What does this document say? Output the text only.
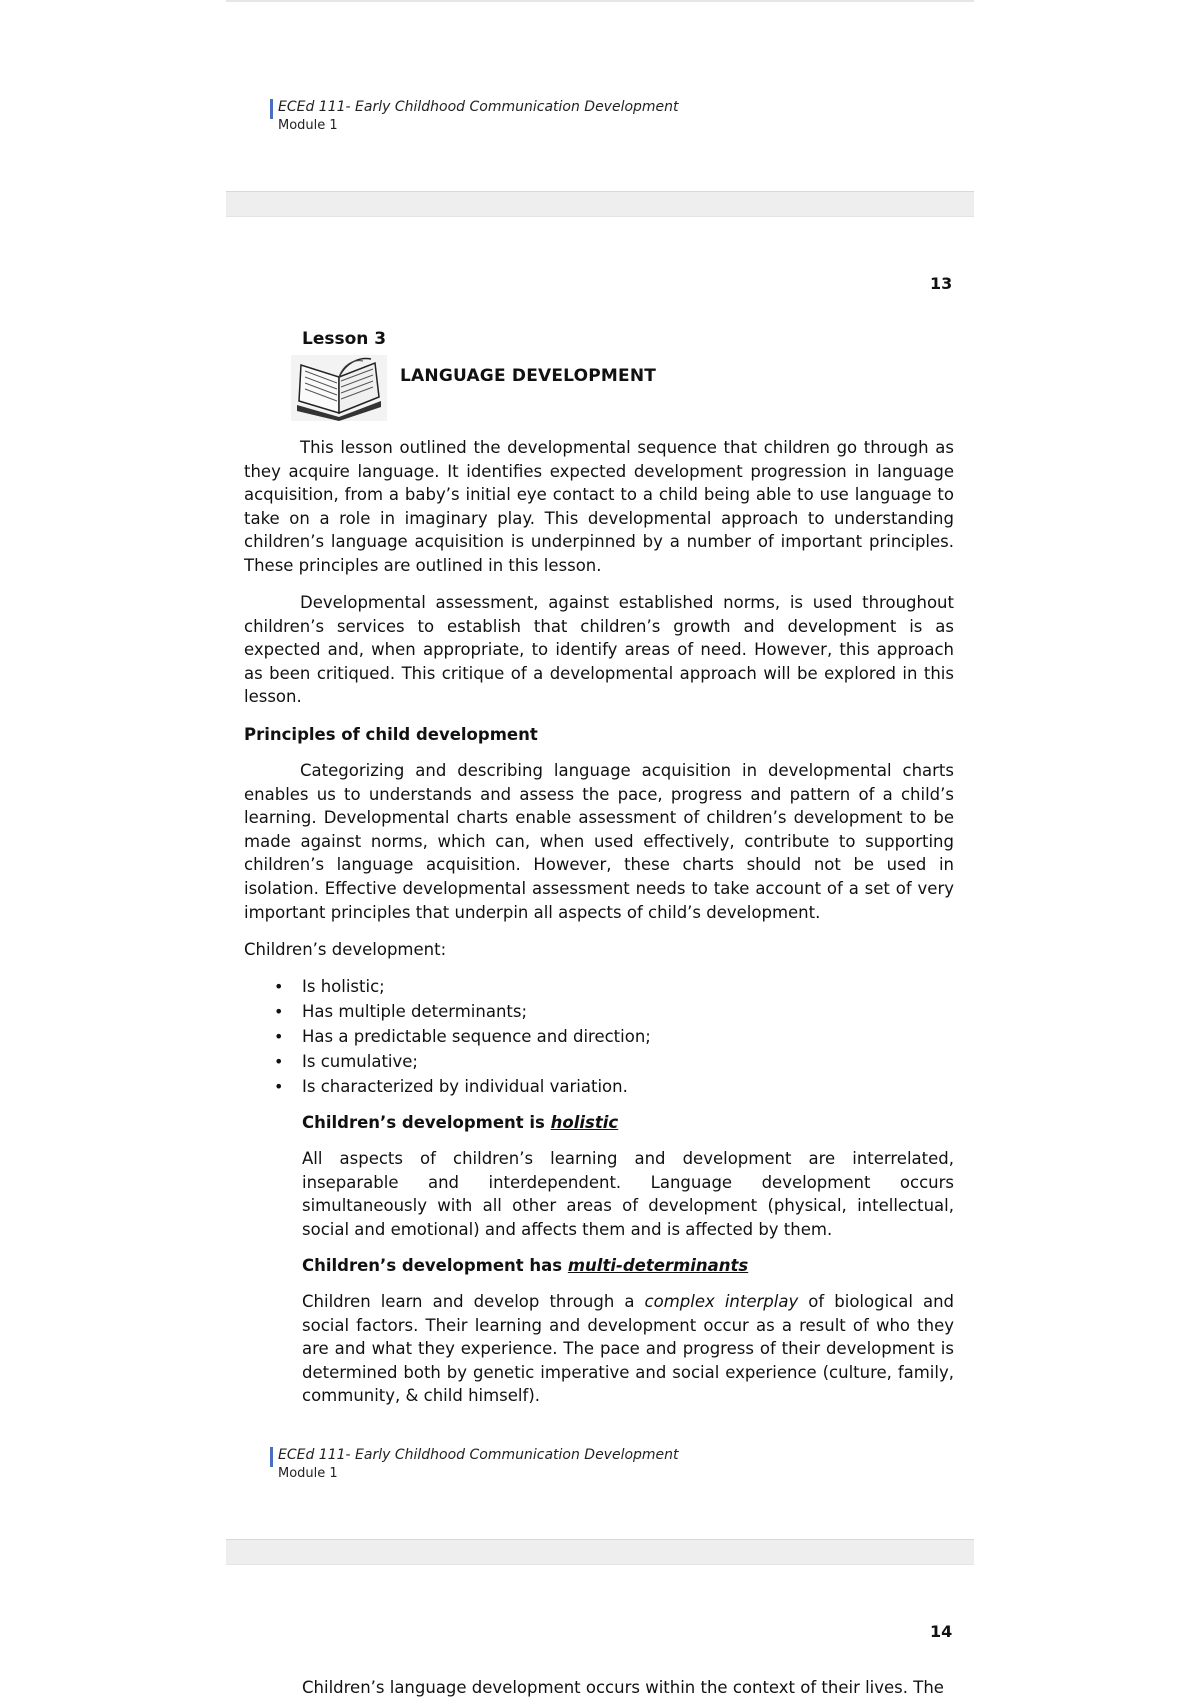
ECEd 111- Early Childhood Communication Development
Module 1
13
Lesson 3
LANGUAGE DEVELOPMENT

This lesson outlined the developmental sequence that children go through as they acquire language. It identifies expected development progression in language acquisition, from a baby’s initial eye contact to a child being able to use language to take on a role in imaginary play. This developmental approach to understanding children’s language acquisition is underpinned by a number of important principles. These principles are outlined in this lesson.

Developmental assessment, against established norms, is used throughout children’s services to establish that children’s growth and development is as expected and, when appropriate, to identify areas of need. However, this approach as been critiqued. This critique of a developmental approach will be explored in this lesson.

Principles of child development

Categorizing and describing language acquisition in developmental charts enables us to understands and assess the pace, progress and pattern of a child’s learning. Developmental charts enable assessment of children’s development to be made against norms, which can, when used effectively, contribute to supporting children’s language acquisition. However, these charts should not be used in isolation. Effective developmental assessment needs to take account of a set of very important principles that underpin all aspects of child’s development.

Children’s development:
• Is holistic;
• Has multiple determinants;
• Has a predictable sequence and direction;
• Is cumulative;
• Is characterized by individual variation.
Children’s development is holistic

All aspects of children’s learning and development are interrelated, inseparable and interdependent. Language development occurs simultaneously with all other areas of development (physical, intellectual, social and emotional) and affects them and is affected by them.

Children’s development has multi-determinants

Children learn and develop through a complex interplay of biological and social factors. Their learning and development occur as a result of who they are and what they experience. The pace and progress of their development is determined both by genetic imperative and social experience (culture, family, community, & child himself).

ECEd 111- Early Childhood Communication Development
Module 1
14
Children’s language development occurs within the context of their lives. The
